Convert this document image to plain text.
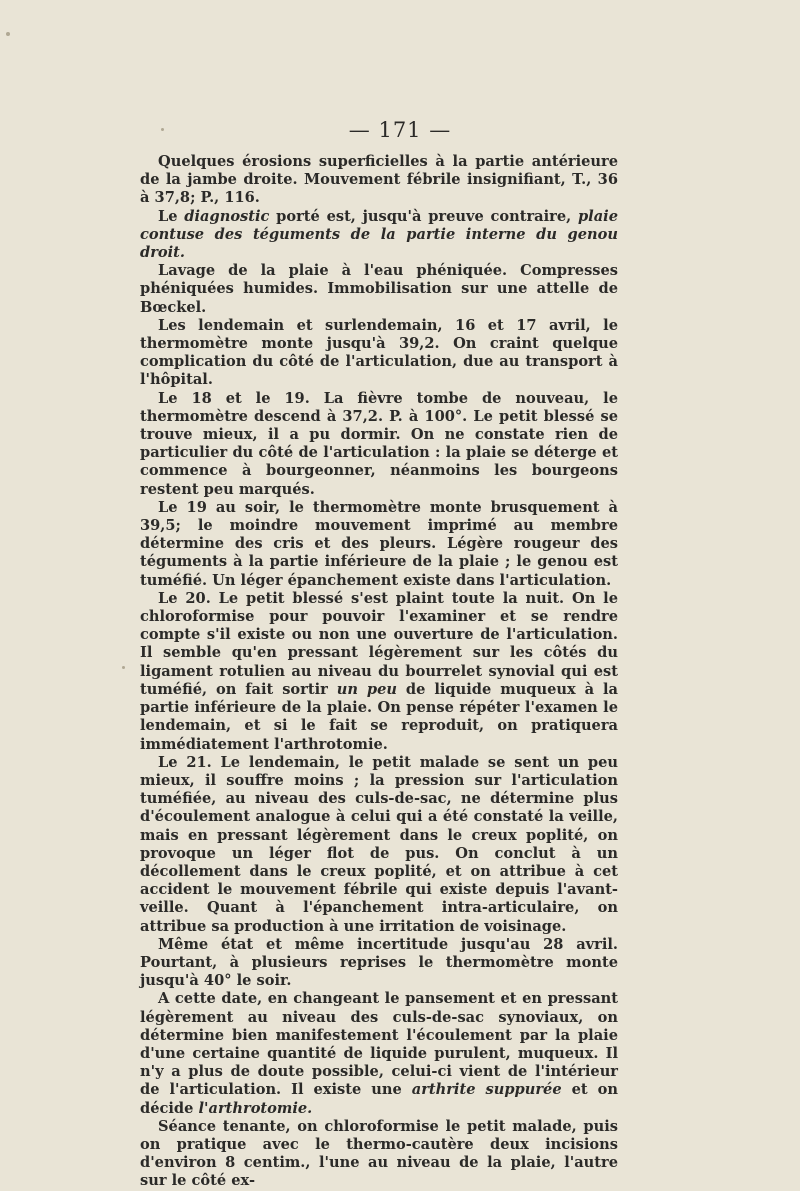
— 171 —

Quelques érosions superficielles à la partie antérieure de la jambe droite. Mouvement fébrile insignifiant, T., 36 à 37,8; P., 116.

Le diagnostic porté est, jusqu'à preuve contraire, plaie contuse des téguments de la partie interne du genou droit.

Lavage de la plaie à l'eau phéniquée. Compresses phéniquées humides. Immobilisation sur une attelle de Bœckel.

Les lendemain et surlendemain, 16 et 17 avril, le thermomètre monte jusqu'à 39,2. On craint quelque complication du côté de l'articulation, due au transport à l'hôpital.

Le 18 et le 19. La fièvre tombe de nouveau, le thermomètre descend à 37,2. P. à 100°. Le petit blessé se trouve mieux, il a pu dormir. On ne constate rien de particulier du côté de l'articulation : la plaie se déterge et commence à bourgeonner, néanmoins les bourgeons restent peu marqués.

Le 19 au soir, le thermomètre monte brusquement à 39,5; le moindre mouvement imprimé au membre détermine des cris et des pleurs. Légère rougeur des téguments à la partie inférieure de la plaie ; le genou est tuméfié. Un léger épanchement existe dans l'articulation.

Le 20. Le petit blessé s'est plaint toute la nuit. On le chloroformise pour pouvoir l'examiner et se rendre compte s'il existe ou non une ouverture de l'articulation. Il semble qu'en pressant légèrement sur les côtés du ligament rotulien au niveau du bourrelet synovial qui est tuméfié, on fait sortir un peu de liquide muqueux à la partie inférieure de la plaie. On pense répéter l'examen le lendemain, et si le fait se reproduit, on pratiquera immédiatement l'arthrotomie.

Le 21. Le lendemain, le petit malade se sent un peu mieux, il souffre moins ; la pression sur l'articulation tuméfiée, au niveau des culs-de-sac, ne détermine plus d'écoulement analogue à celui qui a été constaté la veille, mais en pressant légèrement dans le creux poplité, on provoque un léger flot de pus. On conclut à un décollement dans le creux poplité, et on attribue à cet accident le mouvement fébrile qui existe depuis l'avant-veille. Quant à l'épanchement intra-articulaire, on attribue sa production à une irritation de voisinage.

Même état et même incertitude jusqu'au 28 avril. Pourtant, à plusieurs reprises le thermomètre monte jusqu'à 40° le soir.

A cette date, en changeant le pansement et en pressant légèrement au niveau des culs-de-sac synoviaux, on détermine bien manifestement l'écoulement par la plaie d'une certaine quantité de liquide purulent, muqueux. Il n'y a plus de doute possible, celui-ci vient de l'intérieur de l'articulation. Il existe une arthrite suppurée et on décide l'arthrotomie.

Séance tenante, on chloroformise le petit malade, puis on pratique avec le thermo-cautère deux incisions d'environ 8 centim., l'une au niveau de la plaie, l'autre sur le côté ex-
